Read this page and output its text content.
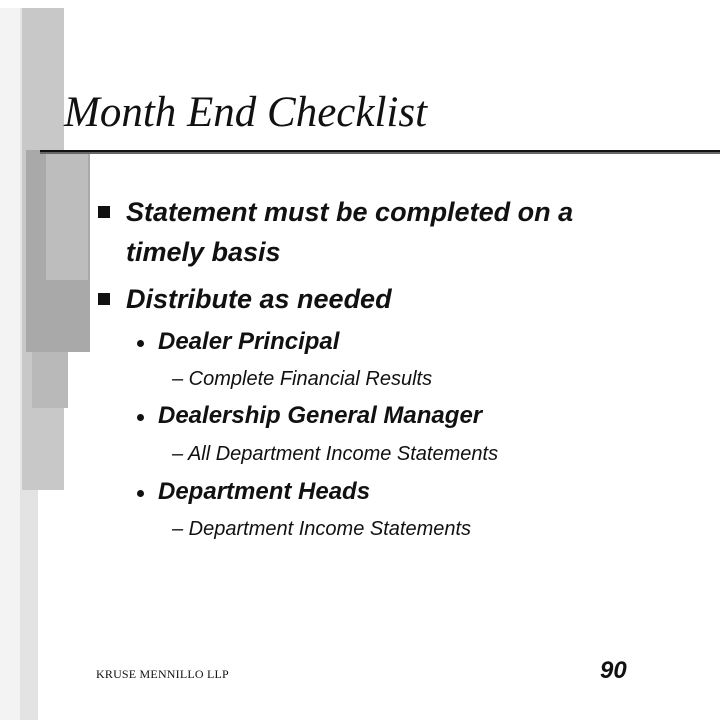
Month End Checklist
Statement must be completed on a
timely basis
Distribute as needed
Dealer Principal
– Complete Financial Results
Dealership General Manager
– All Department Income Statements
Department Heads
– Department Income Statements
KRUSE MENNILLO LLP	90
